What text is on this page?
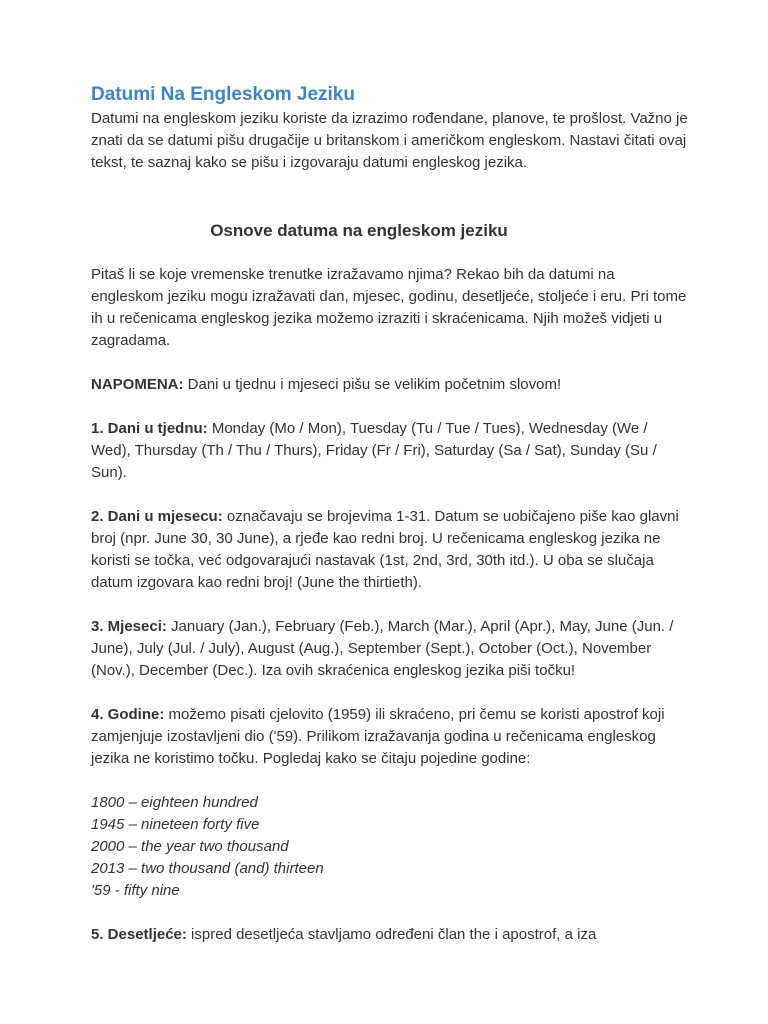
Datumi Na Engleskom Jeziku

Datumi na engleskom jeziku koriste da izrazimo rođendane, planove, te prošlost. Važno je znati da se datumi pišu drugačije u britanskom i američkom engleskom. Nastavi čitati ovaj tekst, te saznaj kako se pišu i izgovaraju datumi engleskog jezika.

Osnove datuma na engleskom jeziku

Pitaš li se koje vremenske trenutke izražavamo njima? Rekao bih da datumi na engleskom jeziku mogu izražavati dan, mjesec, godinu, desetljeće, stoljeće i eru. Pri tome ih u rečenicama engleskog jezika možemo izraziti i skraćenicama. Njih možeš vidjeti u zagradama.

NAPOMENA: Dani u tjednu i mjeseci pišu se velikim početnim slovom!

1. Dani u tjednu: Monday (Mo / Mon), Tuesday (Tu / Tue / Tues), Wednesday (We / Wed), Thursday (Th / Thu / Thurs), Friday (Fr / Fri), Saturday (Sa / Sat), Sunday (Su / Sun).

2. Dani u mjesecu: označavaju se brojevima 1-31. Datum se uobičajeno piše kao glavni broj (npr. June 30, 30 June), a rjeđe kao redni broj. U rečenicama engleskog jezika ne koristi se točka, već odgovarajući nastavak (1st, 2nd, 3rd, 30th itd.). U oba se slučaja datum izgovara kao redni broj! (June the thirtieth).

3. Mjeseci: January (Jan.), February (Feb.), March (Mar.), April (Apr.), May, June (Jun. / June), July (Jul. / July), August (Aug.), September (Sept.), October (Oct.), November (Nov.), December (Dec.). Iza ovih skraćenica engleskog jezika piši točku!

4. Godine: možemo pisati cjelovito (1959) ili skraćeno, pri čemu se koristi apostrof koji zamjenjuje izostavljeni dio ('59). Prilikom izražavanja godina u rečenicama engleskog jezika ne koristimo točku. Pogledaj kako se čitaju pojedine godine:

1800 – eighteen hundred
1945 – nineteen forty five
2000 – the year two thousand
2013 – two thousand (and) thirteen
'59 - fifty nine

5. Desetljeće: ispred desetljeća stavljamo određeni član the i apostrof, a iza
